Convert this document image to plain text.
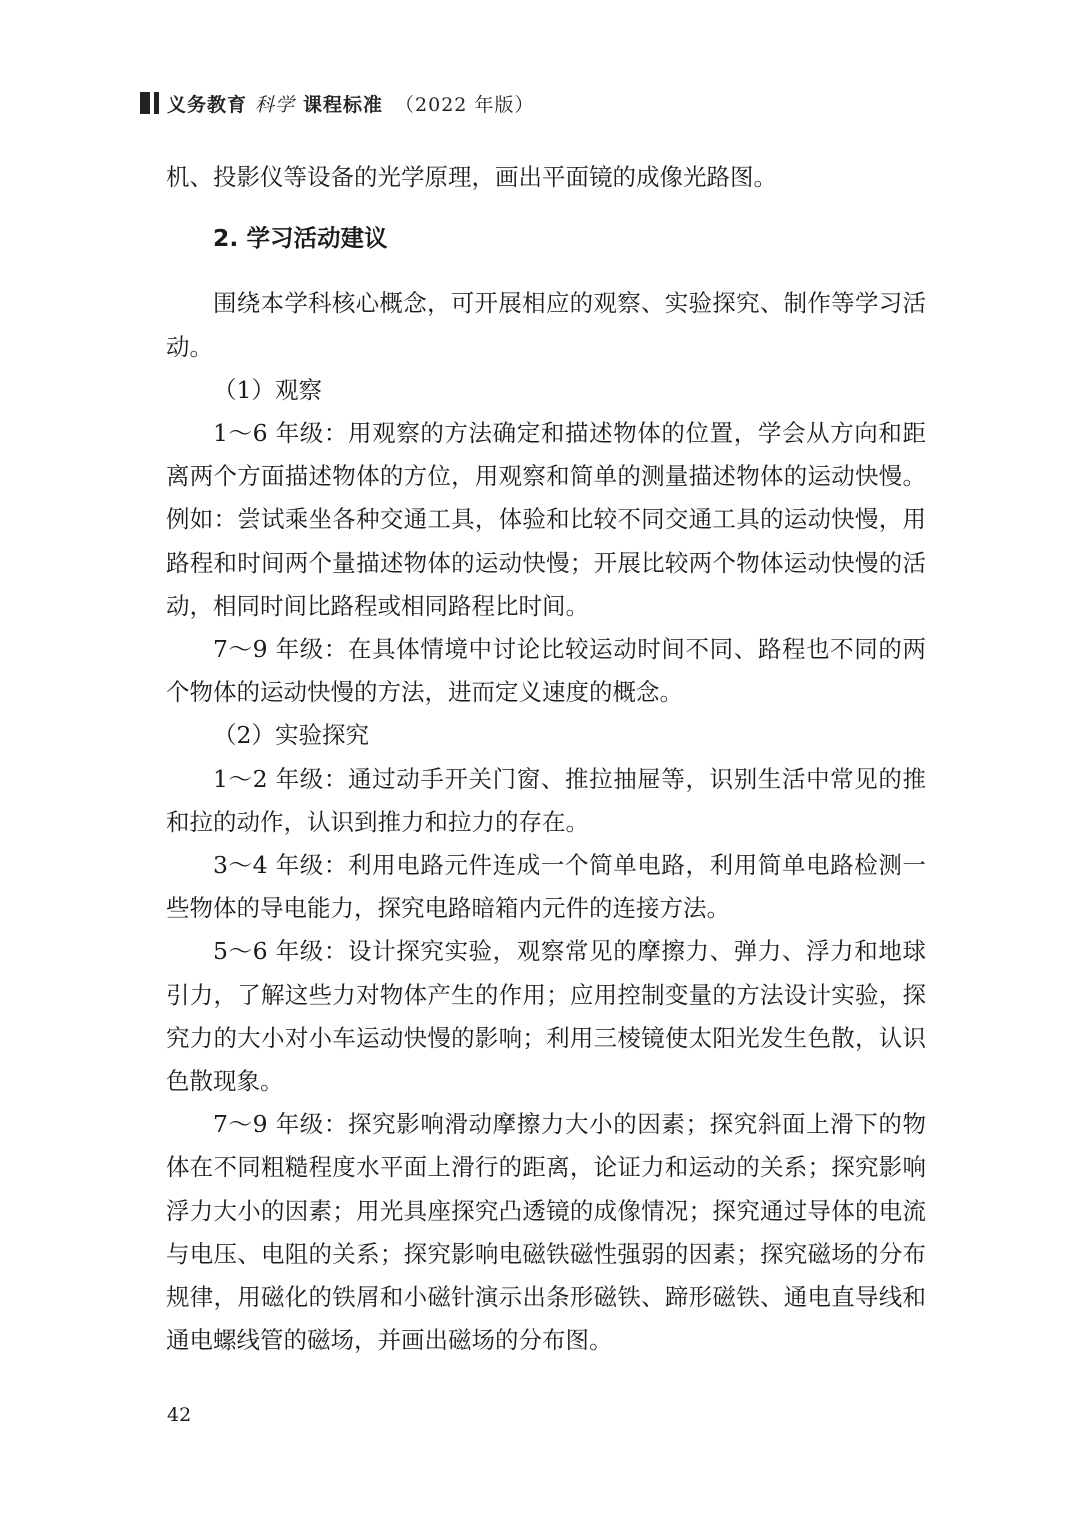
义务教育 科学 课程标准 （2022 年版）

机、投影仪等设备的光学原理，画出平面镜的成像光路图。

2. 学习活动建议

围绕本学科核心概念，可开展相应的观察、实验探究、制作等学习活动。

（1）观察

1～6 年级：用观察的方法确定和描述物体的位置，学会从方向和距离两个方面描述物体的方位，用观察和简单的测量描述物体的运动快慢。例如：尝试乘坐各种交通工具，体验和比较不同交通工具的运动快慢，用路程和时间两个量描述物体的运动快慢；开展比较两个物体运动快慢的活动，相同时间比路程或相同路程比时间。

7～9 年级：在具体情境中讨论比较运动时间不同、路程也不同的两个物体的运动快慢的方法，进而定义速度的概念。

（2）实验探究

1～2 年级：通过动手开关门窗、推拉抽屉等，识别生活中常见的推和拉的动作，认识到推力和拉力的存在。

3～4 年级：利用电路元件连成一个简单电路，利用简单电路检测一些物体的导电能力，探究电路暗箱内元件的连接方法。

5～6 年级：设计探究实验，观察常见的摩擦力、弹力、浮力和地球引力，了解这些力对物体产生的作用；应用控制变量的方法设计实验，探究力的大小对小车运动快慢的影响；利用三棱镜使太阳光发生色散，认识色散现象。

7～9 年级：探究影响滑动摩擦力大小的因素；探究斜面上滑下的物体在不同粗糙程度水平面上滑行的距离，论证力和运动的关系；探究影响浮力大小的因素；用光具座探究凸透镜的成像情况；探究通过导体的电流与电压、电阻的关系；探究影响电磁铁磁性强弱的因素；探究磁场的分布规律，用磁化的铁屑和小磁针演示出条形磁铁、蹄形磁铁、通电直导线和通电螺线管的磁场，并画出磁场的分布图。

42
